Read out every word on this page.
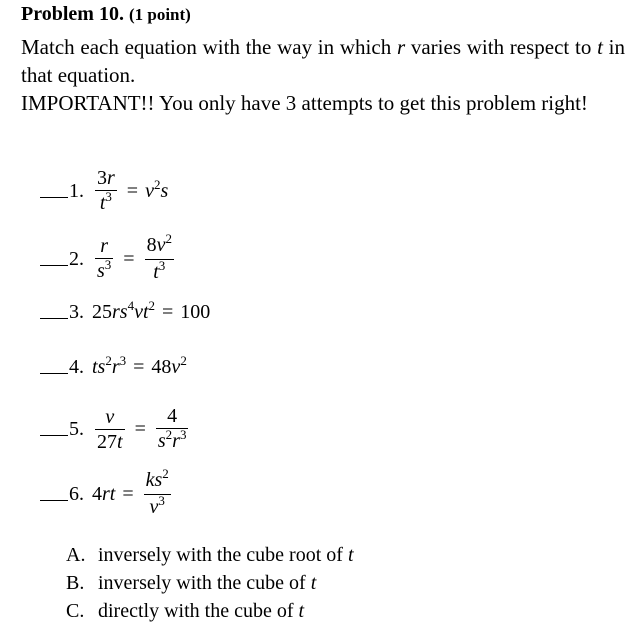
Problem 10. (1 point)

Match each equation with the way in which r varies with respect to t in that equation.

IMPORTANT!! You only have 3 attempts to get this problem right!

1. $\frac{3r}{t^3} = v^2s$
2. $\frac{r}{s^3} = \frac{8v^2}{t^3}$
3. $25rs^4vt^2 = 100$
4. $ts^2r^3 = 48v^2$
5. $\frac{v}{27t} = \frac{4}{s^2r^3}$
6. $4rt = \frac{ks^2}{v^3}$
A. inversely with the cube root of t
B. inversely with the cube of t
C. directly with the cube of t
